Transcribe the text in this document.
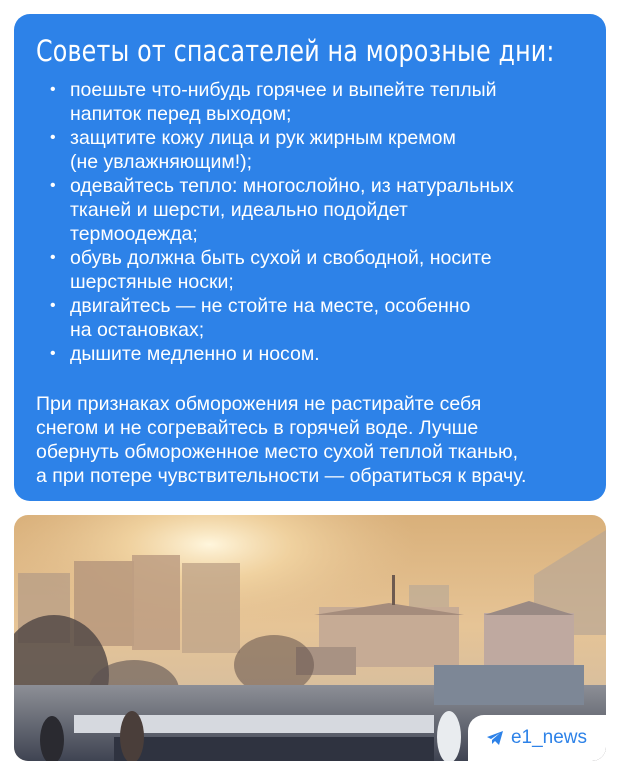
Советы от спасателей на морозные дни:
• поешьте что-нибудь горячее и выпейте теплый
напиток перед выходом;
• защитите кожу лица и рук жирным кремом
(не увлажняющим!);
• одевайтесь тепло: многослойно, из натуральных
тканей и шерсти, идеально подойдет
термоодежда;
• обувь должна быть сухой и свободной, носите
шерстяные носки;
• двигайтесь — не стойте на месте, особенно
на остановках;
• дышите медленно и носом.
При признаках обморожения не растирайте себя
снегом и не согревайтесь в горячей воде. Лучше
обернуть обмороженное место сухой теплой тканью,
а при потере чувствительности — обратиться к врачу.
e1_news
